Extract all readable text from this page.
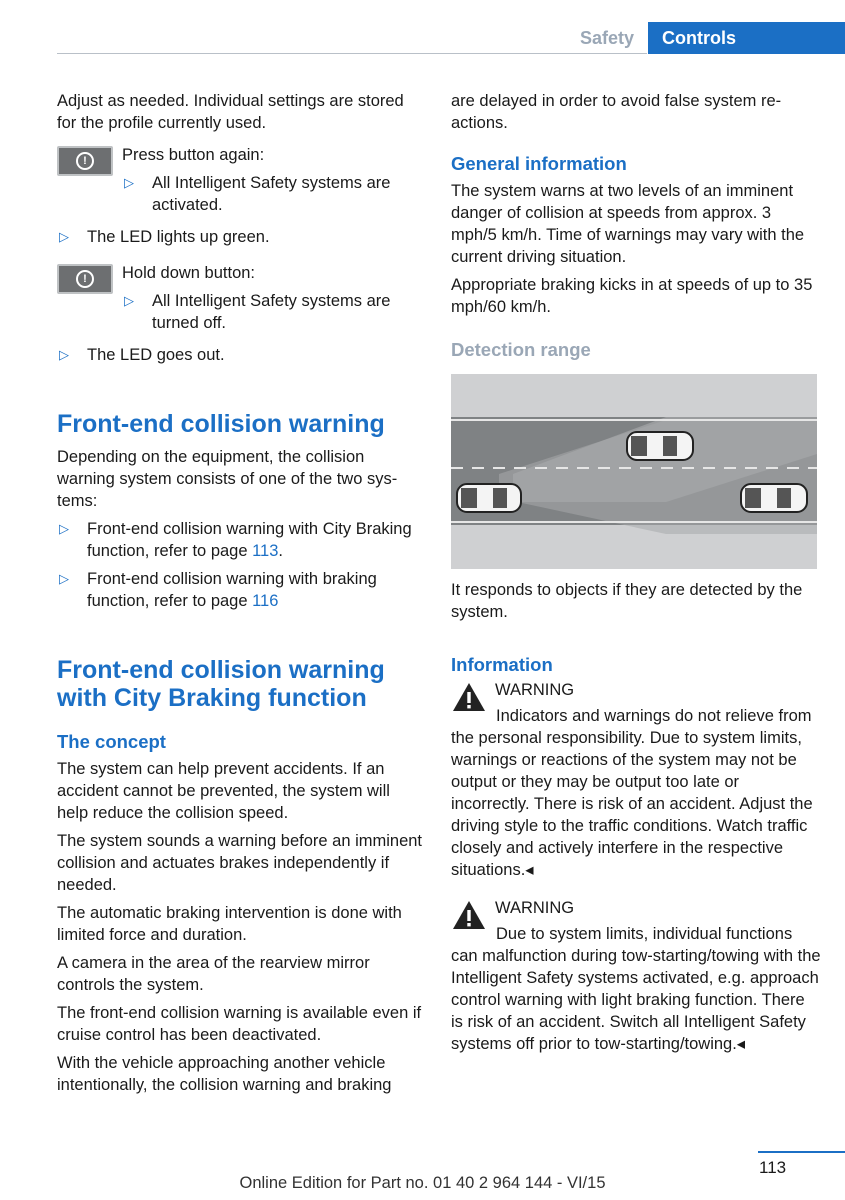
Safety	Controls

Adjust as needed. Individual settings are stored for the profile currently used.

!	Press button again:

▷ All Intelligent Safety systems are activated.
▷ The LED lights up green.
!	Hold down button:

▷ All Intelligent Safety systems are turned off.
▷ The LED goes out.
Front-end collision warning

Depending on the equipment, the collision warning system consists of one of the two systems:

▷ Front-end collision warning with City Braking function, refer to page 113.
▷ Front-end collision warning with braking function, refer to page 116
Front-end collision warning with City Braking function
The concept

The system can help prevent accidents. If an accident cannot be prevented, the system will help reduce the collision speed.

The system sounds a warning before an imminent collision and actuates brakes independently if needed.

The automatic braking intervention is done with limited force and duration.

A camera in the area of the rearview mirror controls the system.

The front-end collision warning is available even if cruise control has been deactivated.

With the vehicle approaching another vehicle intentionally, the collision warning and braking

are delayed in order to avoid false system reactions.

General information

The system warns at two levels of an imminent danger of collision at speeds from approx. 3 mph/5 km/h. Time of warnings may vary with the current driving situation.

Appropriate braking kicks in at speeds of up to 35 mph/60 km/h.

Detection range

It responds to objects if they are detected by the system.

Information

WARNING

Indicators and warnings do not relieve from the personal responsibility. Due to system limits, warnings or reactions of the system may not be output or they may be output too late or incorrectly. There is risk of an accident. Adjust the driving style to the traffic conditions. Watch traffic closely and actively interfere in the respective situations.◂

WARNING

Due to system limits, individual functions can malfunction during tow-starting/towing with the Intelligent Safety systems activated, e.g. approach control warning with light braking function. There is risk of an accident. Switch all Intelligent Safety systems off prior to tow-starting/towing.◂

113
Online Edition for Part no. 01 40 2 964 144 - VI/15
